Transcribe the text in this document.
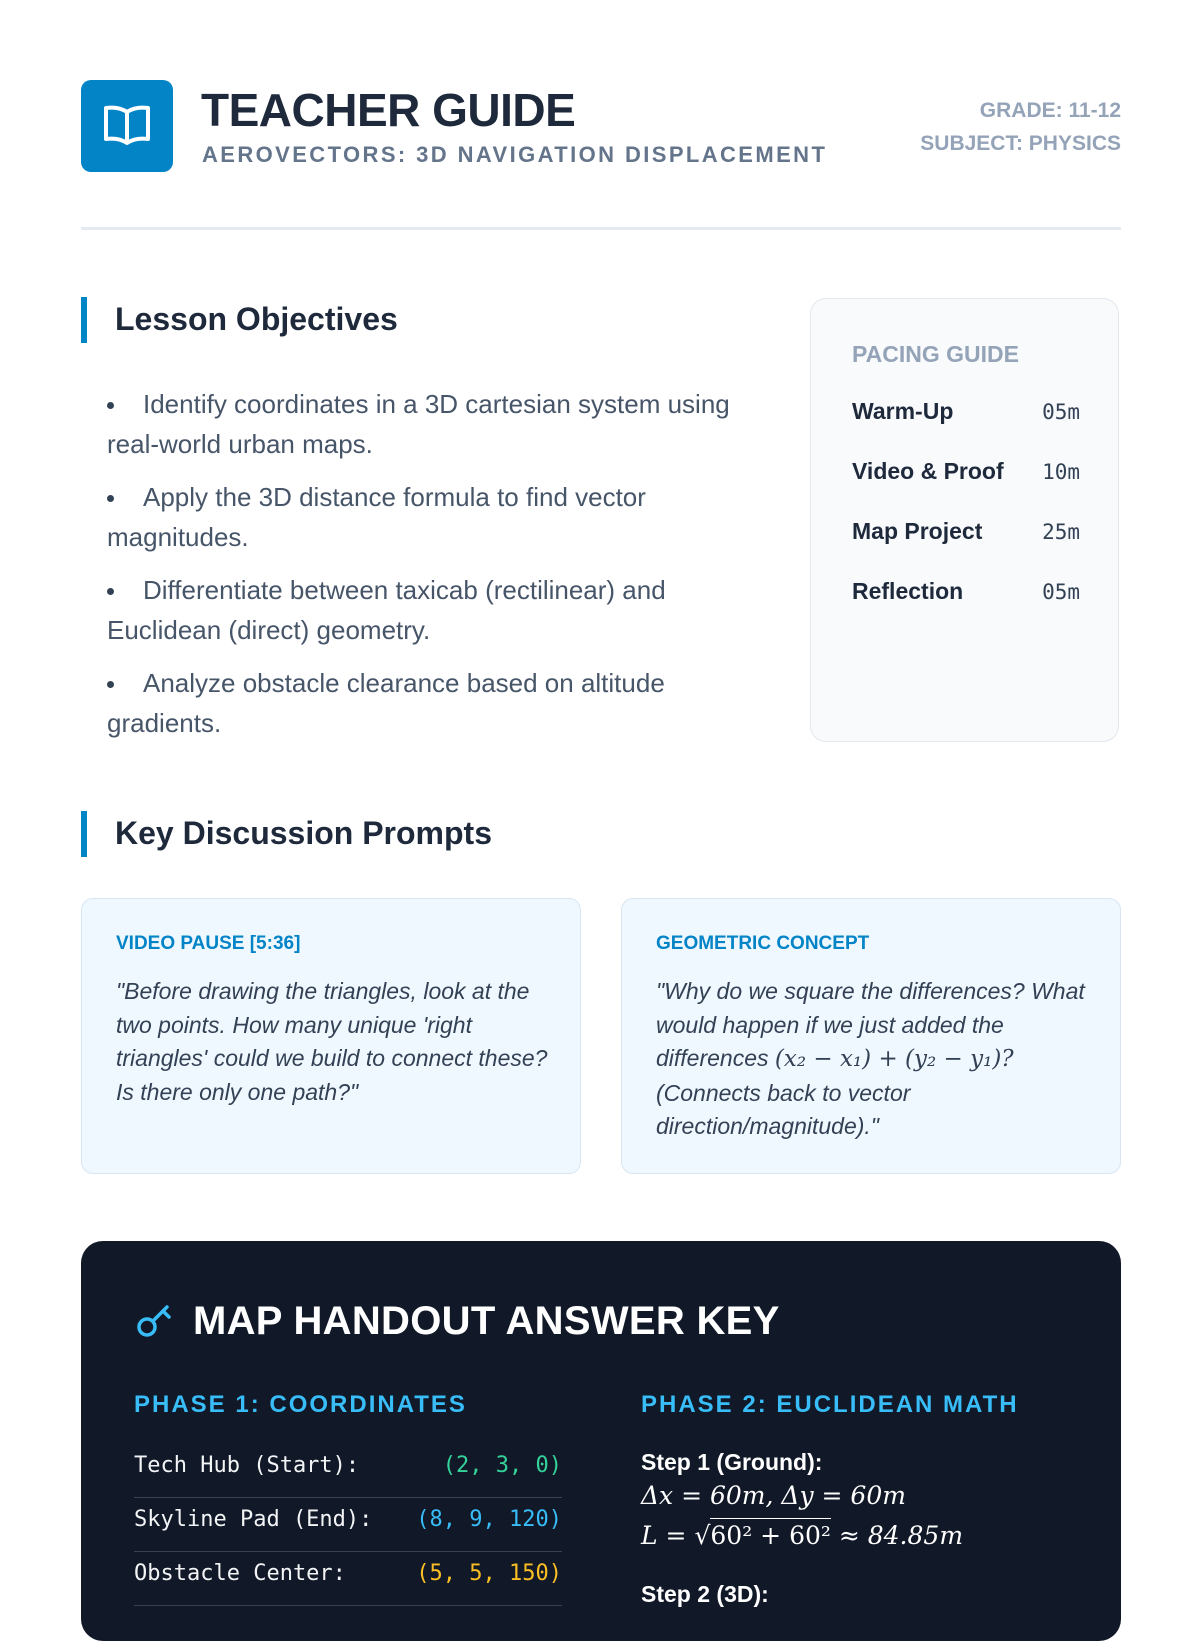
TEACHER GUIDE
AEROVECTORS: 3D NAVIGATION DISPLACEMENT
GRADE: 11-12
SUBJECT: PHYSICS
Lesson Objectives
Identify coordinates in a 3D cartesian system using real-world urban maps.
Apply the 3D distance formula to find vector magnitudes.
Differentiate between taxicab (rectilinear) and Euclidean (direct) geometry.
Analyze obstacle clearance based on altitude gradients.
PACING GUIDE
Warm-Up	05m
Video & Proof 10m
Map Project	25m
Reflection	05m
Key Discussion Prompts
VIDEO PAUSE [5:36]
"Before drawing the triangles, look at the two points. How many unique 'right triangles' could we build to connect these? Is there only one path?"
GEOMETRIC CONCEPT
"Why do we square the differences? What would happen if we just added the differences (x₂ − x₁) + (y₂ − y₁)? (Connects back to vector direction/magnitude)."
MAP HANDOUT ANSWER KEY
PHASE 1: COORDINATES
Tech Hub (Start):	(2, 3, 0)
Skyline Pad (End): (8, 9, 120)
Obstacle Center:	(5, 5, 150)
PHASE 2: EUCLIDEAN MATH
Step 1 (Ground):
Δx = 60m, Δy = 60m
L = √60² + 60² ≈ 84.85m
Step 2 (3D):
